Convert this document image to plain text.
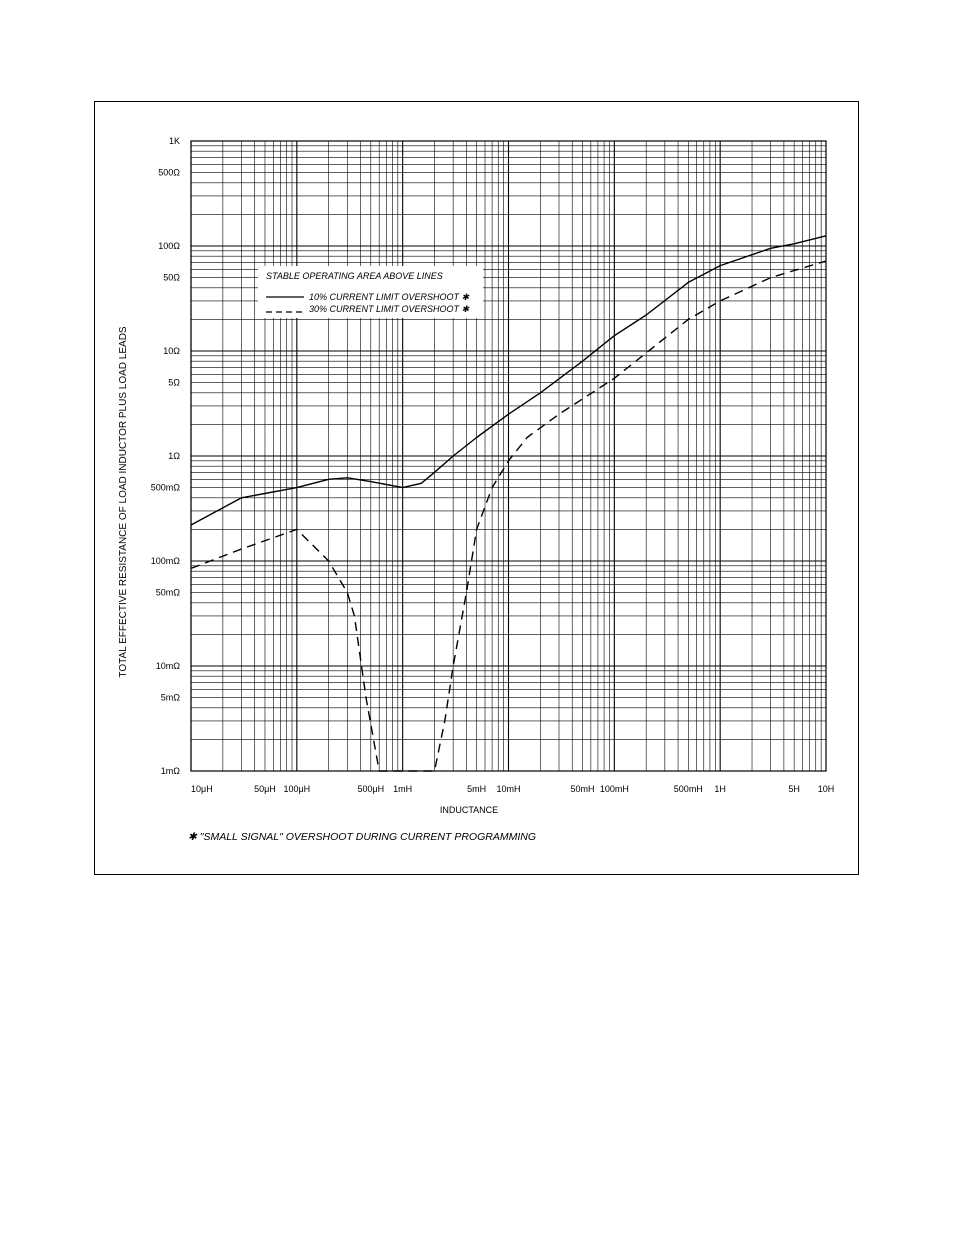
10μH	50μH 100μH	500μH 1mH	5mH 10mH	50mH 100mH	500mH 1H	5H 10H
1K
500Ω
100Ω
50Ω
10Ω
5Ω
1Ω
500mΩ
100mΩ
50mΩ
10mΩ
5mΩ
1mΩ
INDUCTANCE
TOTAL EFFECTIVE RESISTANCE OF LOAD INDUCTOR PLUS LOAD LEADS
STABLE OPERATING AREA ABOVE LINES
10% CURRENT LIMIT OVERSHOOT ✱
30% CURRENT LIMIT OVERSHOOT ✱
✱ "SMALL SIGNAL" OVERSHOOT DURING CURRENT PROGRAMMING
